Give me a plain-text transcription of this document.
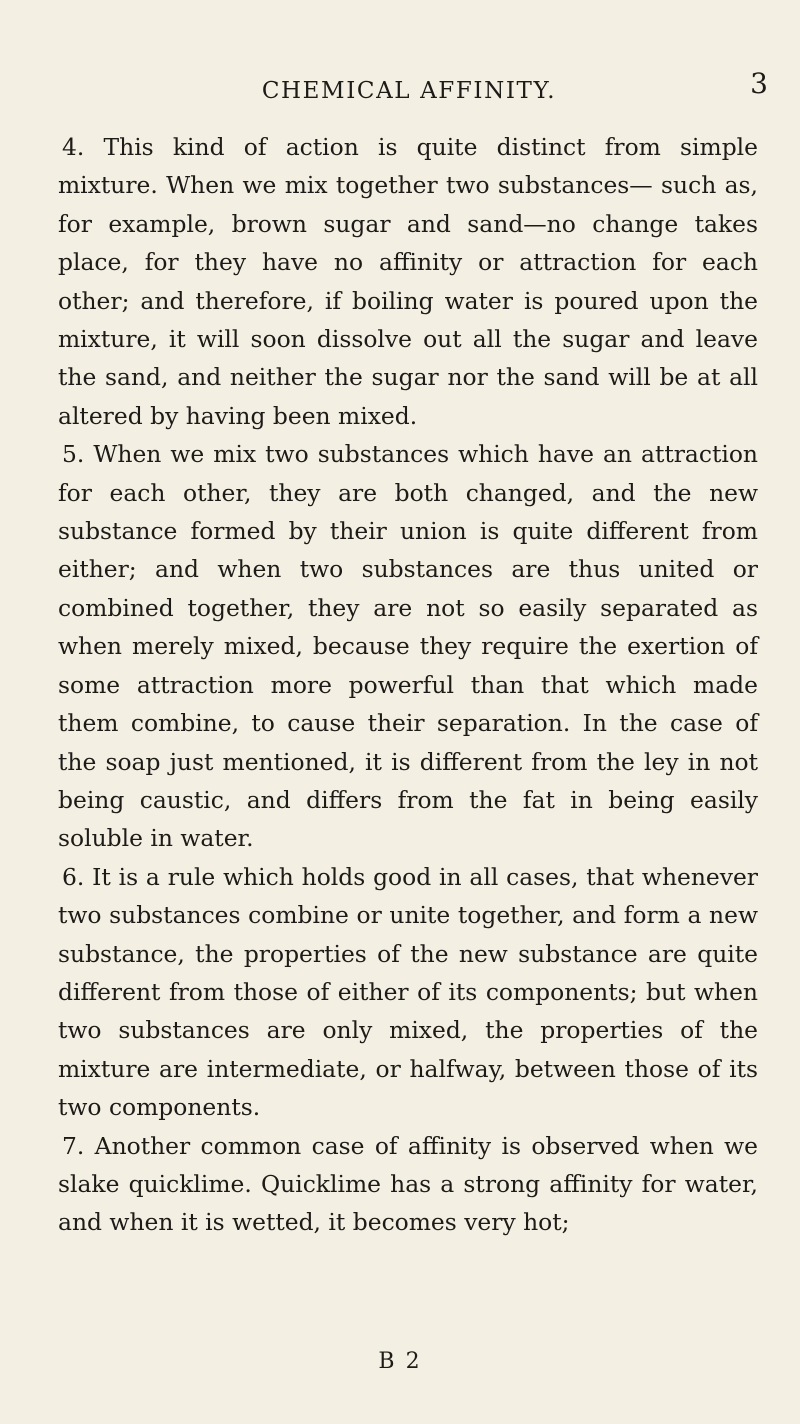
CHEMICAL AFFINITY.	3

4. This kind of action is quite distinct from simple mixture. When we mix together two substances— such as, for example, brown sugar and sand—no change takes place, for they have no affinity or attraction for each other; and therefore, if boiling water is poured upon the mixture, it will soon dissolve out all the sugar and leave the sand, and neither the sugar nor the sand will be at all altered by having been mixed.

5. When we mix two substances which have an attraction for each other, they are both changed, and the new substance formed by their union is quite different from either; and when two substances are thus united or combined together, they are not so easily separated as when merely mixed, because they require the exertion of some attraction more powerful than that which made them combine, to cause their separation. In the case of the soap just mentioned, it is different from the ley in not being caustic, and differs from the fat in being easily soluble in water.

6. It is a rule which holds good in all cases, that whenever two substances combine or unite together, and form a new substance, the properties of the new substance are quite different from those of either of its components; but when two substances are only mixed, the properties of the mixture are intermediate, or halfway, between those of its two components.

7. Another common case of affinity is observed when we slake quicklime. Quicklime has a strong affinity for water, and when it is wetted, it becomes very hot;

B 2
